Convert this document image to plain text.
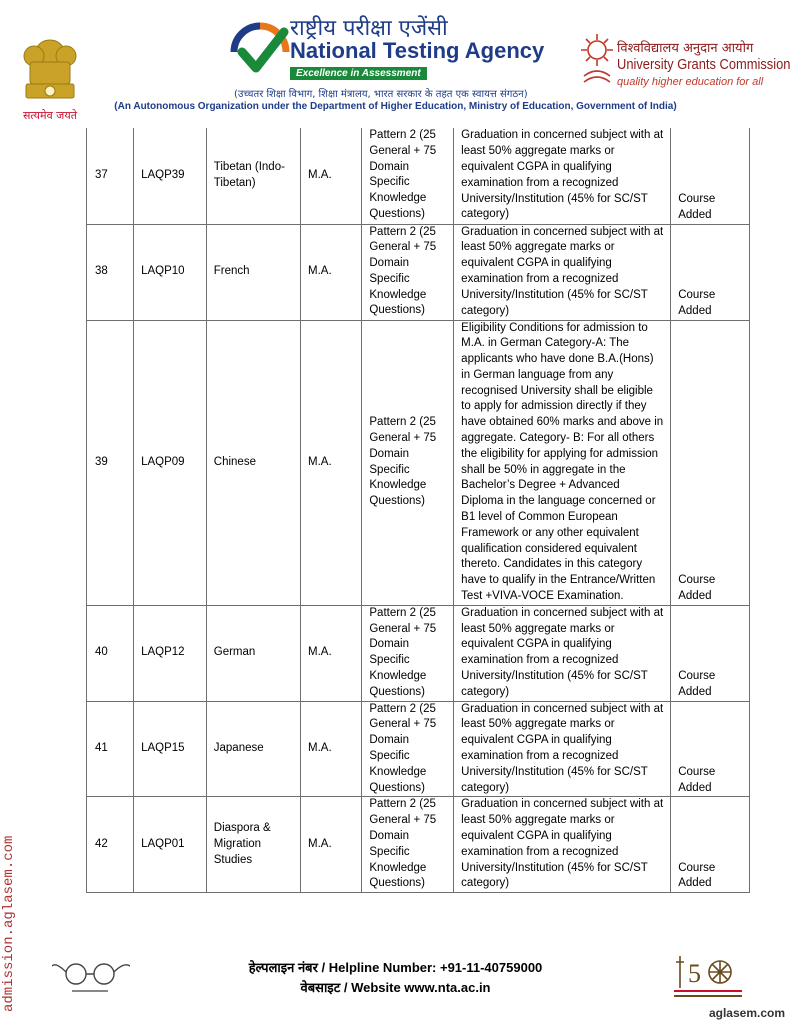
सत्यमेव जयते
राष्ट्रीय परीक्षा एजेंसी
National Testing Agency
Excellence in Assessment
(उच्चतर शिक्षा विभाग, शिक्षा मंत्रालय, भारत सरकार के तहत एक स्वायत्त संगठन)
(An Autonomous Organization under the Department of Higher Education, Ministry of Education, Government of India)
विश्वविद्यालय अनुदान आयोग
University Grants Commission
quality higher education for all
37	LAQP39	Tibetan (Indo-Tibetan)	M.A.	Pattern 2 (25 General + 75 Domain Specific Knowledge Questions)	Graduation in concerned subject with at least 50% aggregate marks or equivalent CGPA in qualifying examination from a recognized University/Institution (45% for SC/ST category)	Course Added
38	LAQP10	French	M.A.	Pattern 2 (25 General + 75 Domain Specific Knowledge Questions)	Graduation in concerned subject with at least 50% aggregate marks or equivalent CGPA in qualifying examination from a recognized University/Institution (45% for SC/ST category)	Course Added
39	LAQP09	Chinese	M.A.	Pattern 2 (25 General + 75 Domain Specific Knowledge Questions)	Eligibility Conditions for admission to M.A. in German Category-A: The applicants who have done B.A.(Hons) in German language from any recognised University shall be eligible to apply for admission directly if they have obtained 60% marks and above in aggregate. Category- B: For all others the eligibility for applying for admission shall be 50% in aggregate in the Bachelor’s Degree + Advanced Diploma in the language concerned or B1 level of Common European Framework or any other equivalent qualification considered equivalent thereto. Candidates in this category have to qualify in the Entrance/Written Test +VIVA-VOCE Examination.	Course Added
40	LAQP12	German	M.A.	Pattern 2 (25 General + 75 Domain Specific Knowledge Questions)	Graduation in concerned subject with at least 50% aggregate marks or equivalent CGPA in qualifying examination from a recognized University/Institution (45% for SC/ST category)	Course Added
41	LAQP15	Japanese	M.A.	Pattern 2 (25 General + 75 Domain Specific Knowledge Questions)	Graduation in concerned subject with at least 50% aggregate marks or equivalent CGPA in qualifying examination from a recognized University/Institution (45% for SC/ST category)	Course Added
42	LAQP01	Diaspora & Migration Studies	M.A.	Pattern 2 (25 General + 75 Domain Specific Knowledge Questions)	Graduation in concerned subject with at least 50% aggregate marks or equivalent CGPA in qualifying examination from a recognized University/Institution (45% for SC/ST category)	Course Added
admission.aglasem.com	हेल्पलाइन नंबर / Helpline Number: +91-11-40759000
वेबसाइट / Website www.nta.ac.in	5
aglasem.com
